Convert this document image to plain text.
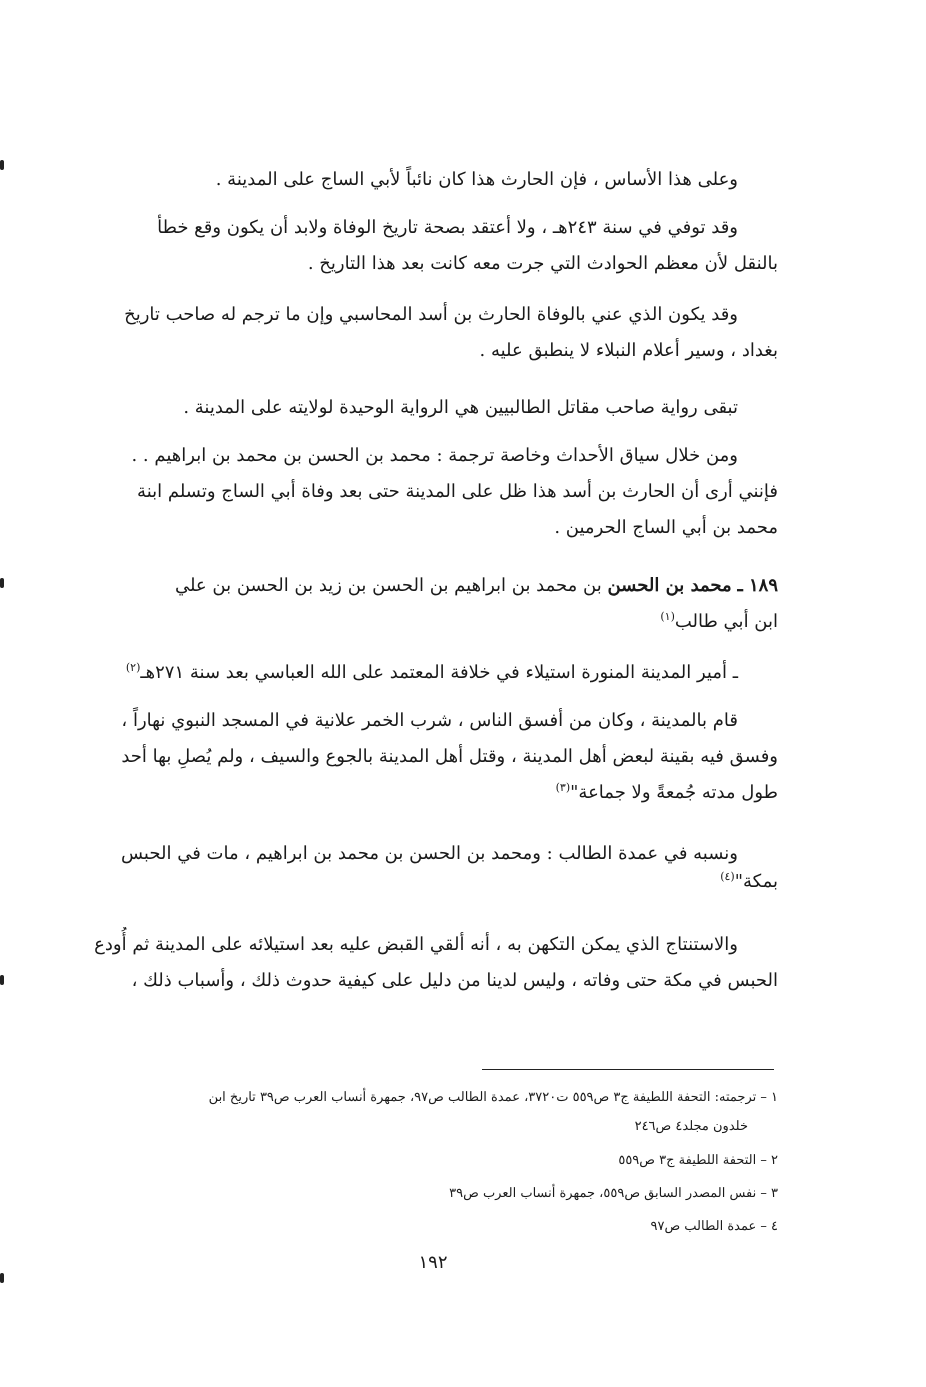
وعلى هذا الأساس ، فإن الحارث هذا كان نائباً لأبي الساج على المدينة .
وقد توفي في سنة ٢٤٣هـ ، ولا أعتقد بصحة تاريخ الوفاة ولابد أن يكون وقع خطأ
بالنقل لأن معظم الحوادث التي جرت معه كانت بعد هذا التاريخ .
وقد يكون الذي عني بالوفاة الحارث بن أسد المحاسبي وإن ما ترجم له صاحب تاريخ
بغداد ، وسير أعلام النبلاء لا ينطبق عليه .
تبقى رواية صاحب مقاتل الطالبيين هي الرواية الوحيدة لولايته على المدينة .
ومن خلال سياق الأحداث وخاصة ترجمة : محمد بن الحسن بن محمد بن ابراهيم . .
فإنني أرى أن الحارث بن أسد هذا ظل على المدينة حتى بعد وفاة أبي الساج وتسلم ابنة
محمد بن أبي الساج الحرمين .
١٨٩ ـ محمد بن الحسن بن محمد بن ابراهيم بن الحسن بن زيد بن الحسن بن علي
ابن أبي طالب$^{(١)}$
ـ أمير المدينة المنورة استيلاء في خلافة المعتمد على الله العباسي بعد سنة ٢٧١هـ$^{(٢)}$
قام بالمدينة ، وكان من أفسق الناس ، شرب الخمر علانية في المسجد النبوي نهاراً ،
وفسق فيه بقينة لبعض أهل المدينة ، وقتل أهل المدينة بالجوع والسيف ، ولم يُصلِ بها أحد
طول مدته جُمعةً ولا جماعة"$^{(٣)}$
ونسبه في عمدة الطالب : ومحمد بن الحسن بن محمد بن ابراهيم ، مات في الحبس
بمكة"$^{(٤)}$
والاستنتاج الذي يمكن التكهن به ، أنه ألقي القبض عليه بعد استيلائه على المدينة ثم أُودع
الحبس في مكة حتى وفاته ، وليس لدينا من دليل على كيفية حدوث ذلك ، وأسباب ذلك ،
١ – ترجمته: التحفة اللطيفة ج٣ ص٥٥٩ ت٣٧٢٠، عمدة الطالب ص٩٧، جمهرة أنساب العرب ص٣٩ تاريخ ابن
خلدون مجلد٤ ص٢٤٦
٢ – التحفة اللطيفة ج٣ ص٥٥٩
٣ – نفس المصدر السابق ص٥٥٩، جمهرة أنساب العرب ص٣٩
٤ – عمدة الطالب ص٩٧
١٩٢
